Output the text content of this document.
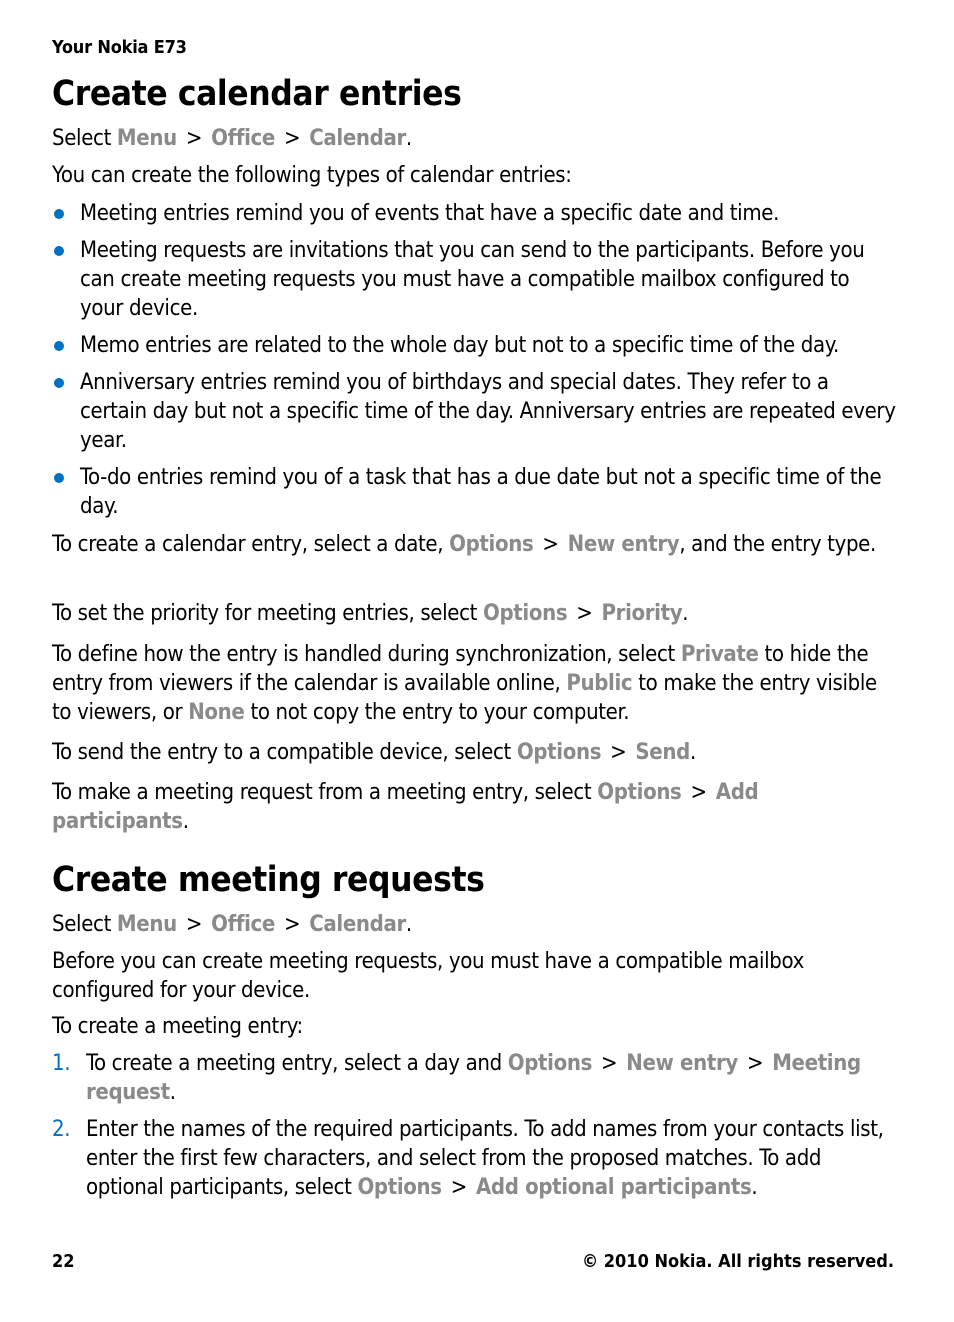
Your Nokia E73
Create calendar entries

Select Menu > Office > Calendar.

You can create the following types of calendar entries:

Meeting entries remind you of events that have a specific date and time.
Meeting requests are invitations that you can send to the participants. Before you can create meeting requests you must have a compatible mailbox configured to your device.
Memo entries are related to the whole day but not to a specific time of the day.
Anniversary entries remind you of birthdays and special dates. They refer to a certain day but not a specific time of the day. Anniversary entries are repeated every year.
To-do entries remind you of a task that has a due date but not a specific time of the day.

To create a calendar entry, select a date, Options > New entry, and the entry type.

To set the priority for meeting entries, select Options > Priority.

To define how the entry is handled during synchronization, select Private to hide the entry from viewers if the calendar is available online, Public to make the entry visible to viewers, or None to not copy the entry to your computer.

To send the entry to a compatible device, select Options > Send.

To make a meeting request from a meeting entry, select Options > Add participants.

Create meeting requests

Select Menu > Office > Calendar.

Before you can create meeting requests, you must have a compatible mailbox configured for your device.

To create a meeting entry:

1. To create a meeting entry, select a day and Options > New entry > Meeting request.
2. Enter the names of the required participants. To add names from your contacts list, enter the first few characters, and select from the proposed matches. To add optional participants, select Options > Add optional participants.
22	© 2010 Nokia. All rights reserved.
